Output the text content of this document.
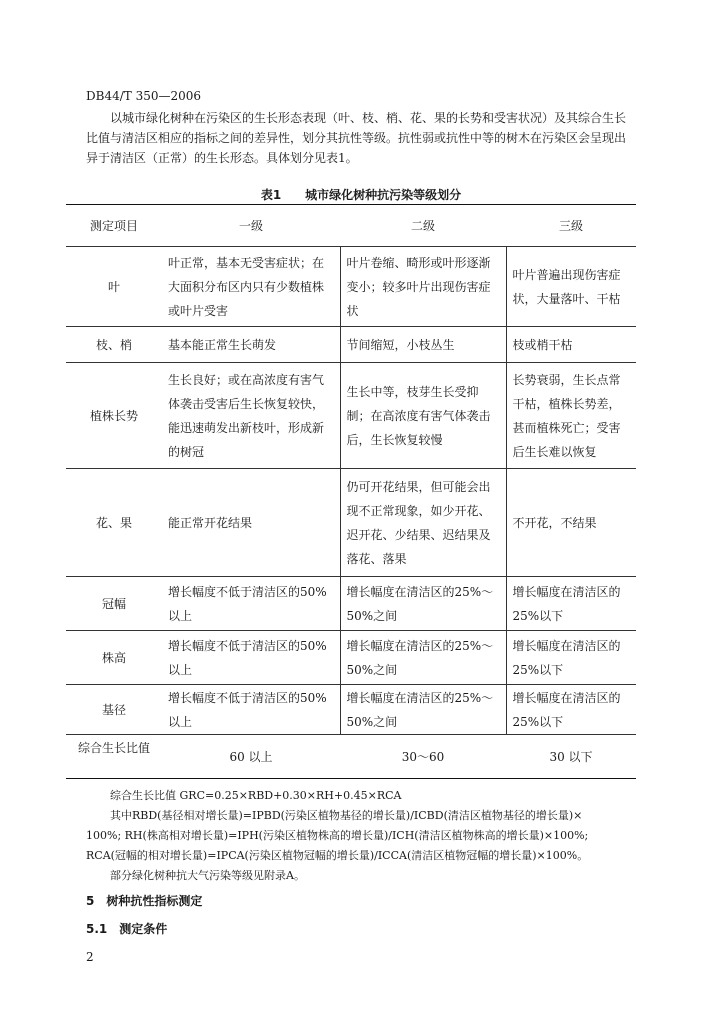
DB44/T 350—2006
以城市绿化树种在污染区的生长形态表现（叶、枝、梢、花、果的长势和受害状况）及其综合生长
比值与清洁区相应的指标之间的差异性，划分其抗性等级。抗性弱或抗性中等的树木在污染区会呈现出
异于清洁区（正常）的生长形态。具体划分见表1。
表1　　城市绿化树种抗污染等级划分
测定项目	一级	二级	三级
叶	叶正常，基本无受害症状；在大面积分布区内只有少数植株或叶片受害	叶片卷缩、畸形或叶形逐渐变小；较多叶片出现伤害症状	叶片普遍出现伤害症状，大量落叶、干枯
枝、梢	基本能正常生长萌发	节间缩短，小枝丛生	枝或梢干枯
植株长势	生长良好；或在高浓度有害气体袭击受害后生长恢复较快，能迅速萌发出新枝叶，形成新的树冠	生长中等，枝芽生长受抑制；在高浓度有害气体袭击后，生长恢复较慢	长势衰弱，生长点常干枯，植株长势差，甚而植株死亡；受害后生长难以恢复
花、果	能正常开花结果	仍可开花结果，但可能会出现不正常现象，如少开花、迟开花、少结果、迟结果及落花、落果	不开花，不结果
冠幅	增长幅度不低于清洁区的50%以上	增长幅度在清洁区的25%～50%之间	增长幅度在清洁区的25%以下
株高	增长幅度不低于清洁区的50%以上	增长幅度在清洁区的25%～50%之间	增长幅度在清洁区的25%以下
基径	增长幅度不低于清洁区的50%以上	增长幅度在清洁区的25%～50%之间	增长幅度在清洁区的25%以下
综合生长比值	60 以上	30～60	30 以下
综合生长比值 GRC=0.25×RBD+0.30×RH+0.45×RCA
其中RBD(基径相对增长量)=IPBD(污染区植物基径的增长量)/ICBD(清洁区植物基径的增长量)×
100%; RH(株高相对增长量)=IPH(污染区植物株高的增长量)/ICH(清洁区植物株高的增长量)×100%;
RCA(冠幅的相对增长量)=IPCA(污染区植物冠幅的增长量)/ICCA(清洁区植物冠幅的增长量)×100%。
部分绿化树种抗大气污染等级见附录A。
5　树种抗性指标测定
5.1　测定条件
2
